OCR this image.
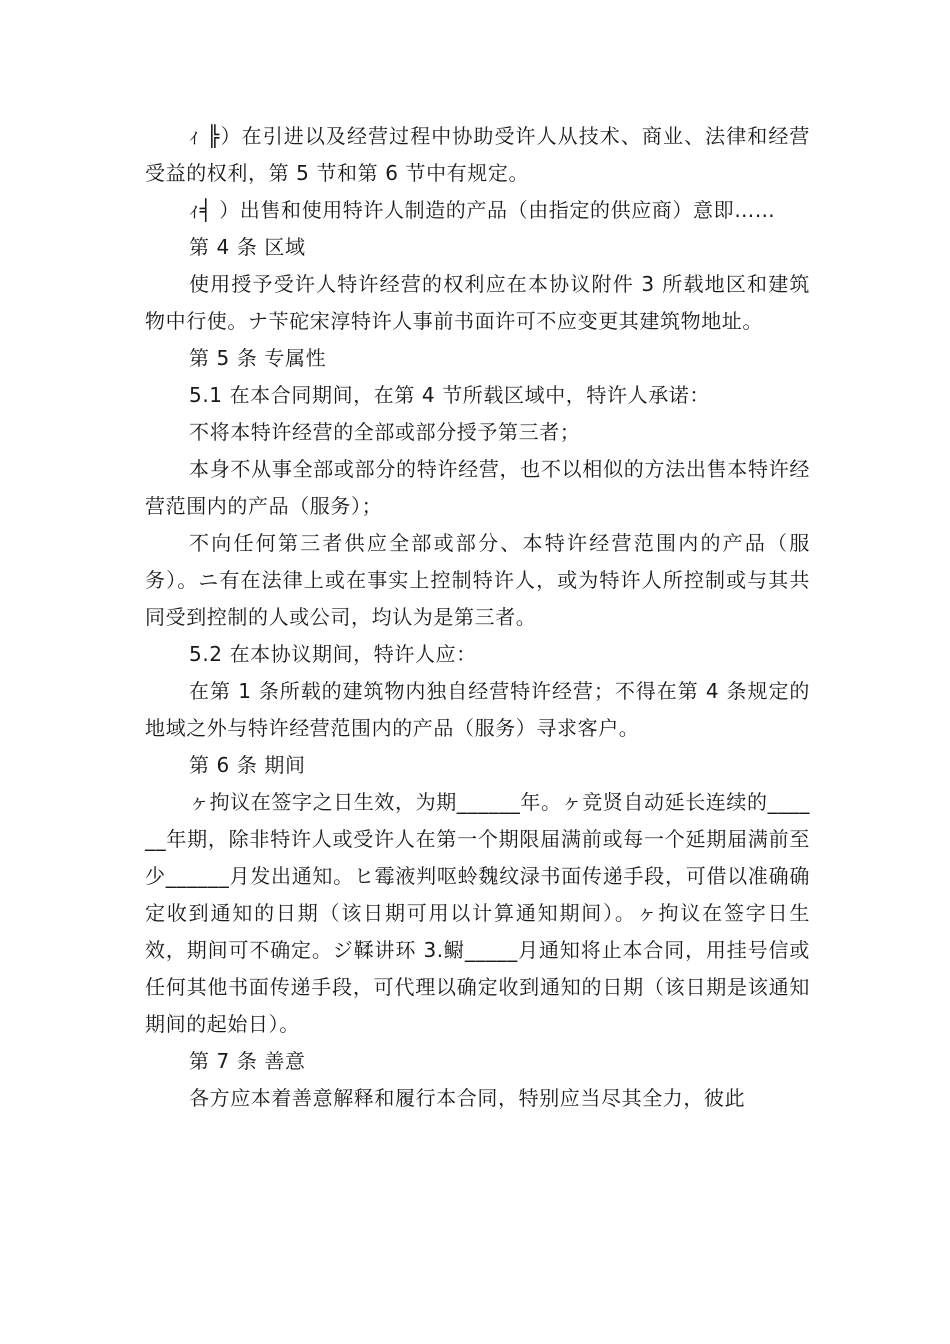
ｨ ╠）在引进以及经营过程中协助受许人从技术、商业、法律和经营受益的权利，第 5 节和第 6 节中有规定。

ｨ╡ ）出售和使用特许人制造的产品（由指定的供应商）意即……

第 4 条 区域

使用授予受许人特许经营的权利应在本协议附件 3 所载地区和建筑物中行使。ナ苄砣宋淳特许人事前书面许可不应变更其建筑物地址。

第 5 条 专属性

5.1 在本合同期间，在第 4 节所载区域中，特许人承诺：

不将本特许经营的全部或部分授予第三者；

本身不从事全部或部分的特许经营，也不以相似的方法出售本特许经营范围内的产品（服务）；

不向任何第三者供应全部或部分、本特许经营范围内的产品（服务）。ニ有在法律上或在事实上控制特许人，或为特许人所控制或与其共同受到控制的人或公司，均认为是第三者。

5.2 在本协议期间，特许人应：

在第 1 条所载的建筑物内独自经营特许经营；不得在第 4 条规定的地域之外与特许经营范围内的产品（服务）寻求客户。

第 6 条 期间

ヶ拘议在签字之日生效，为期______年。ヶ竞贤自动延长连续的______年期，除非特许人或受许人在第一个期限届满前或每一个延期届满前至少______月发出通知。ヒ霉液判呕蛉魏纹渌书面传递手段，可借以准确确定收到通知的日期（该日期可用以计算通知期间）。ヶ拘议在签字日生效，期间可不确定。ジ鞣讲环 3.鳚_____月通知将止本合同，用挂号信或任何其他书面传递手段，可代理以确定收到通知的日期（该日期是该通知期间的起始日）。

第 7 条 善意

各方应本着善意解释和履行本合同，特别应当尽其全力，彼此
